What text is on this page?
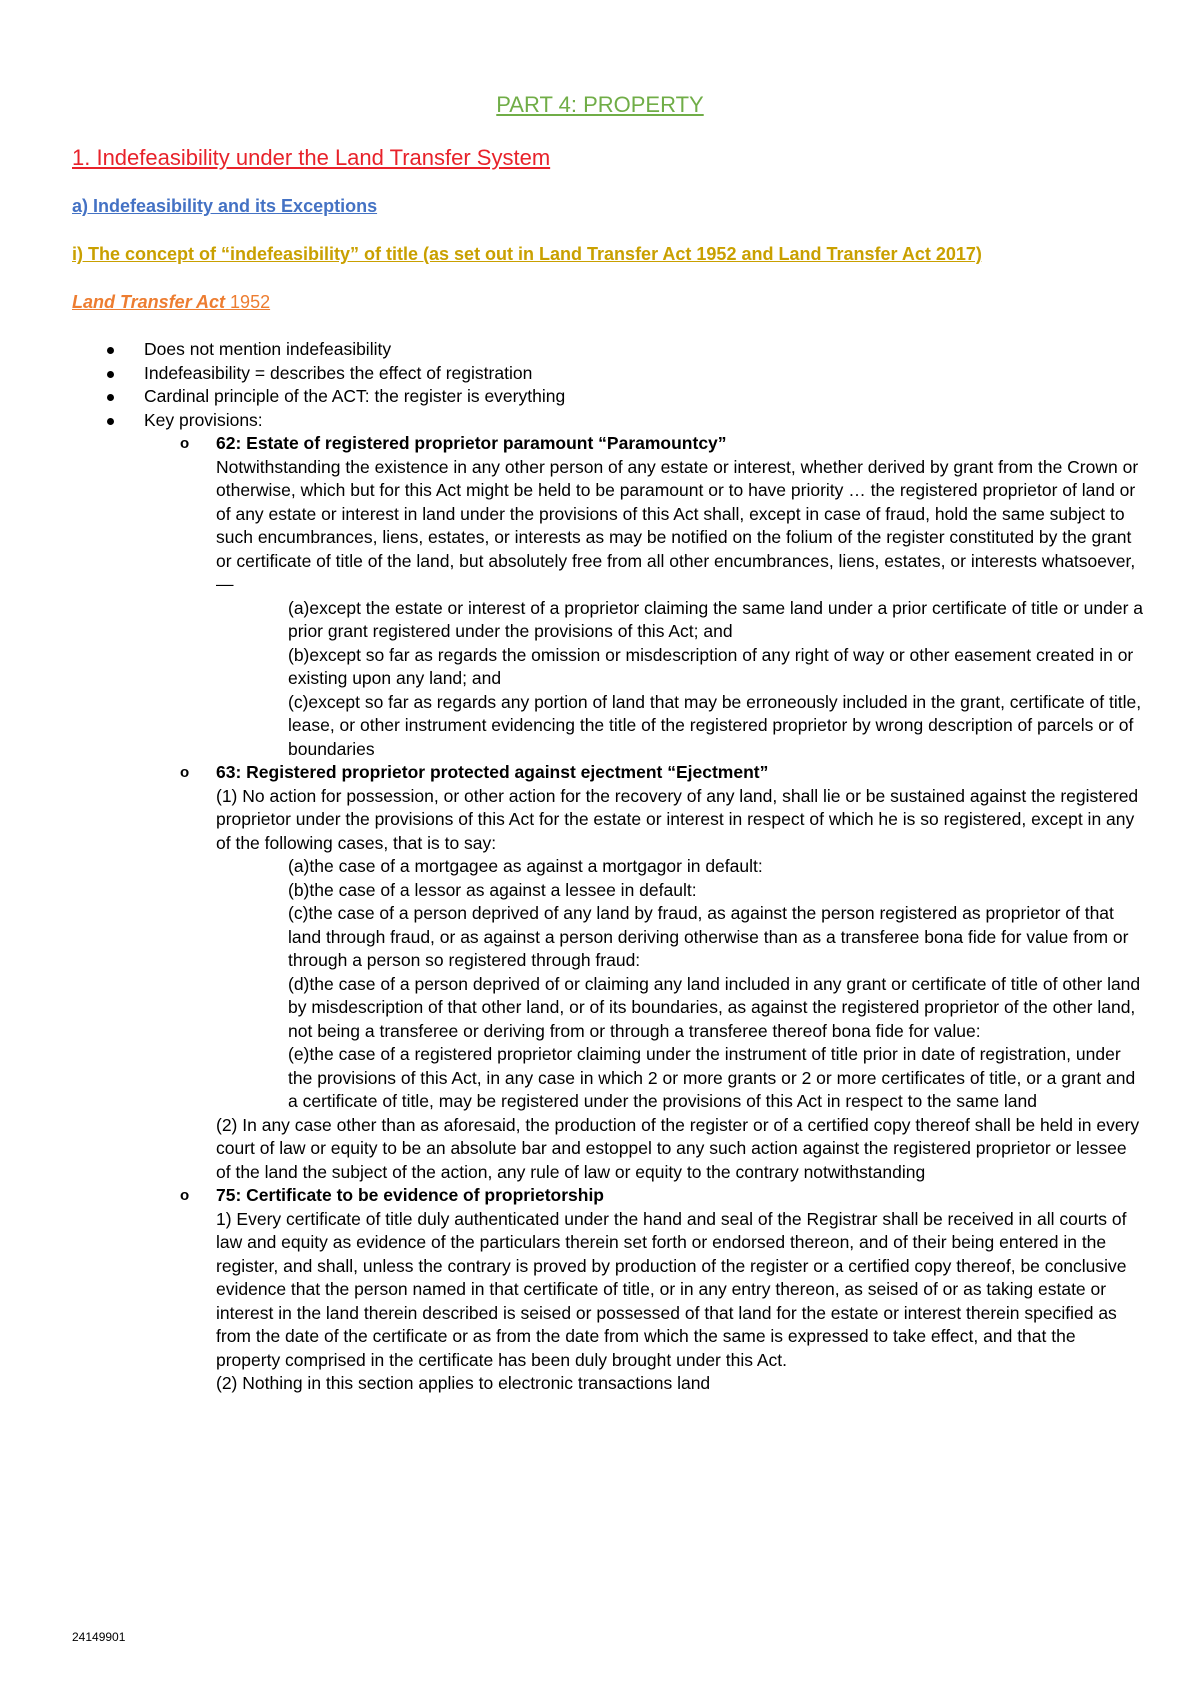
PART 4: PROPERTY
1. Indefeasibility under the Land Transfer System
a) Indefeasibility and its Exceptions
i) The concept of “indefeasibility” of title (as set out in Land Transfer Act 1952 and Land Transfer Act 2017)
Land Transfer Act 1952
Does not mention indefeasibility
Indefeasibility = describes the effect of registration
Cardinal principle of the ACT: the register is everything
Key provisions:
o 62: Estate of registered proprietor paramount “Paramountcy”

Notwithstanding the existence in any other person of any estate or interest, whether derived by grant from the Crown or otherwise, which but for this Act might be held to be paramount or to have priority … the registered proprietor of land or of any estate or interest in land under the provisions of this Act shall, except in case of fraud, hold the same subject to such encumbrances, liens, estates, or interests as may be notified on the folium of the register constituted by the grant or certificate of title of the land, but absolutely free from all other encumbrances, liens, estates, or interests whatsoever,—

(a)except the estate or interest of a proprietor claiming the same land under a prior certificate of title or under a prior grant registered under the provisions of this Act; and

(b)except so far as regards the omission or misdescription of any right of way or other easement created in or existing upon any land; and

(c)except so far as regards any portion of land that may be erroneously included in the grant, certificate of title, lease, or other instrument evidencing the title of the registered proprietor by wrong description of parcels or of boundaries

o 63: Registered proprietor protected against ejectment “Ejectment”

(1) No action for possession, or other action for the recovery of any land, shall lie or be sustained against the registered proprietor under the provisions of this Act for the estate or interest in respect of which he is so registered, except in any of the following cases, that is to say:

(a)the case of a mortgagee as against a mortgagor in default:

(b)the case of a lessor as against a lessee in default:

(c)the case of a person deprived of any land by fraud, as against the person registered as proprietor of that land through fraud, or as against a person deriving otherwise than as a transferee bona fide for value from or through a person so registered through fraud:

(d)the case of a person deprived of or claiming any land included in any grant or certificate of title of other land by misdescription of that other land, or of its boundaries, as against the registered proprietor of the other land, not being a transferee or deriving from or through a transferee thereof bona fide for value:

(e)the case of a registered proprietor claiming under the instrument of title prior in date of registration, under the provisions of this Act, in any case in which 2 or more grants or 2 or more certificates of title, or a grant and a certificate of title, may be registered under the provisions of this Act in respect to the same land

(2) In any case other than as aforesaid, the production of the register or of a certified copy thereof shall be held in every court of law or equity to be an absolute bar and estoppel to any such action against the registered proprietor or lessee of the land the subject of the action, any rule of law or equity to the contrary notwithstanding

o 75: Certificate to be evidence of proprietorship

1) Every certificate of title duly authenticated under the hand and seal of the Registrar shall be received in all courts of law and equity as evidence of the particulars therein set forth or endorsed thereon, and of their being entered in the register, and shall, unless the contrary is proved by production of the register or a certified copy thereof, be conclusive evidence that the person named in that certificate of title, or in any entry thereon, as seised of or as taking estate or interest in the land therein described is seised or possessed of that land for the estate or interest therein specified as from the date of the certificate or as from the date from which the same is expressed to take effect, and that the property comprised in the certificate has been duly brought under this Act.

(2) Nothing in this section applies to electronic transactions land

24149901
